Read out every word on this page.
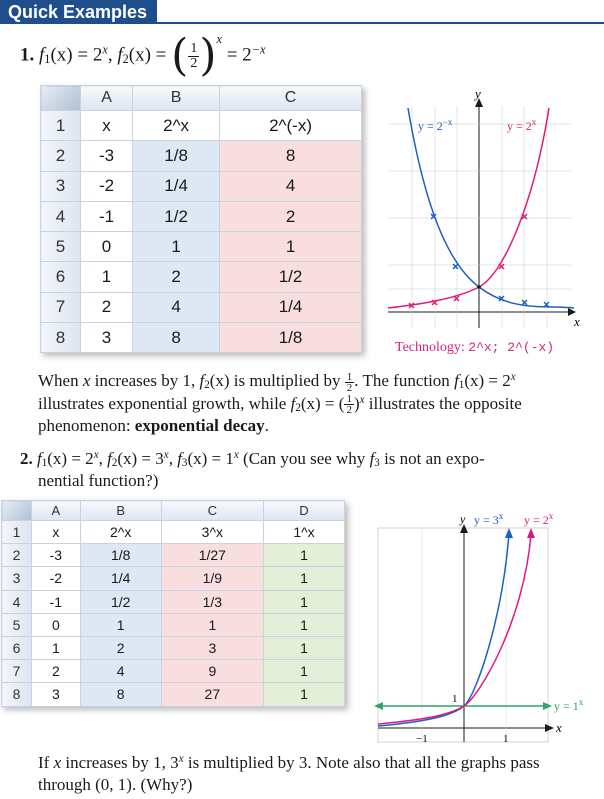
Quick Examples
1. $f_1(x) = 2^x$, $f_2(x)$ = ( $\frac{1}{2} )^x = 2^{-x}$
	A	B	C
1	x	2^x	2^(-x)
2	-3	1/8	8
3	-2	1/4	4
4	-1	1/2	2
5	0	1	1
6	1	2	1/2
7	2	4	1/4
8	3	8	1/8
x
y
$y = 2^{-x}$	$y = 2^x$
Technology: 2^x; 2^(-x)
When x increases by 1, $f_2(x)$ is multiplied by $\frac{1}{2}$ . The function $f_1(x) = 2^x$
illustrates exponential growth, while $f_2(x)$ = ( $\frac{1}{2} )^x$ illustrates the opposite
phenomenon: exponential decay.
2. $f_1(x) = 2^x$, $f_2(x) = 3^x$, $f_3(x) = 1^x$ (Can you see why $f_3$ is not an expo-
nential function?)
	A	B	C	D
1	x	2^x	3^x	1^x
2	-3	1/8	1/27	1
3	-2	1/4	1/9	1
4	-1	1/2	1/3	1
5	0	1	1	1
6	1	2	3	1
7	2	4	9	1
8	3	8	27	1
x
y
1
−1	1
$y = 3^x$ $y = 2^x$
$y = 1^x$
If x increases by 1, 3$^x$ is multiplied by 3. Note also that all the graphs pass
through (0, 1). (Why?)
